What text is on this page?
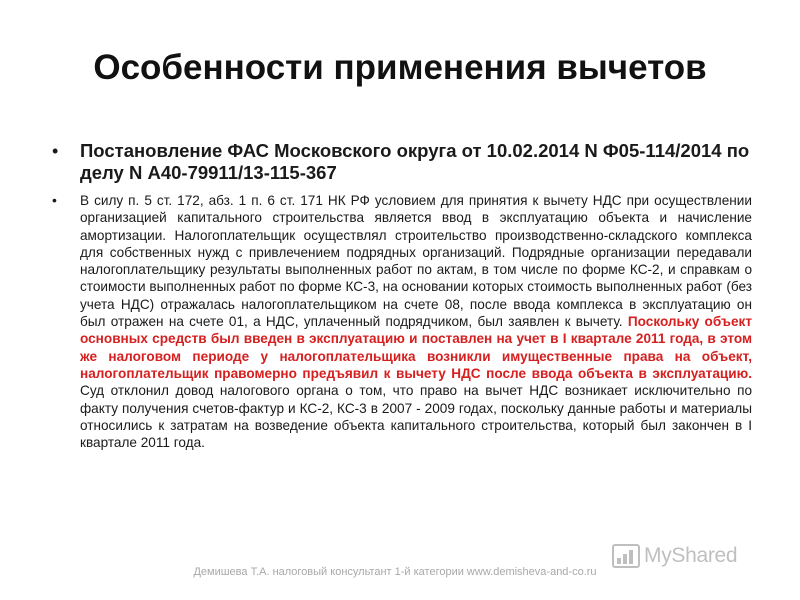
Особенности применения вычетов
• Постановление ФАС Московского округа от 10.02.2014 N Ф05-114/2014 по делу N А40-79911/13-115-367
• В силу п. 5 ст. 172, абз. 1 п. 6 ст. 171 НК РФ условием для принятия к вычету НДС при осуществлении организацией капитального строительства является ввод в эксплуатацию объекта и начисление амортизации. Налогоплательщик осуществлял строительство производственно-складского комплекса для собственных нужд с привлечением подрядных организаций. Подрядные организации передавали налогоплательщику результаты выполненных работ по актам, в том числе по форме КС-2, и справкам о стоимости выполненных работ по форме КС-3, на основании которых стоимость выполненных работ (без учета НДС) отражалась налогоплательщиком на счете 08, после ввода комплекса в эксплуатацию он был отражен на счете 01, а НДС, уплаченный подрядчиком, был заявлен к вычету. Поскольку объект основных средств был введен в эксплуатацию и поставлен на учет в I квартале 2011 года, в этом же налоговом периоде у налогоплательщика возникли имущественные права на объект, налогоплательщик правомерно предъявил к вычету НДС после ввода объекта в эксплуатацию. Суд отклонил довод налогового органа о том, что право на вычет НДС возникает исключительно по факту получения счетов-фактур и КС-2, КС-3 в 2007 - 2009 годах, поскольку данные работы и материалы относились к затратам на возведение объекта капитального строительства, который был закончен в I квартале 2011 года.
Демишева Т.А. налоговый консультант 1-й категории www.demisheva-and-co.ru
MyShared
